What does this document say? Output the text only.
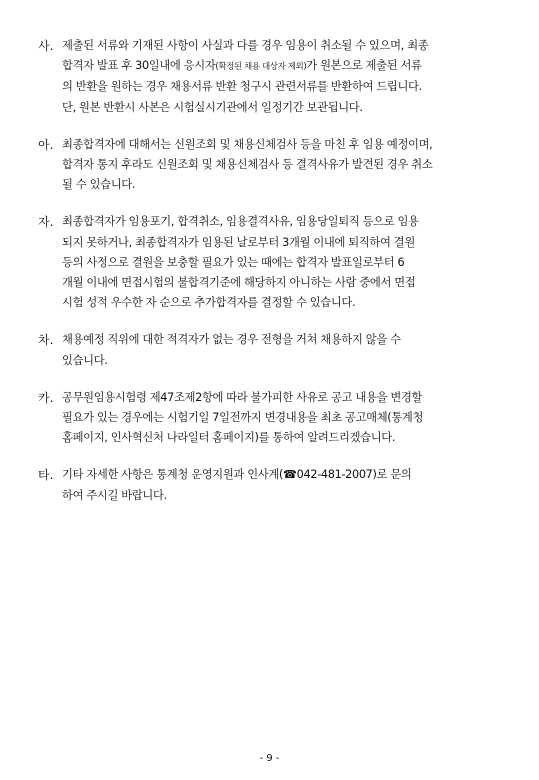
사. 제출된 서류와 기재된 사항이 사실과 다를 경우 임용이 취소될 수 있으며, 최종
합격자 발표 후 30일내에 응시자(확정된 채용 대상자 제외)가 원본으로 제출된 서류
의 반환을 원하는 경우 채용서류 반환 청구시 관련서류를 반환하여 드립니다.
단, 원본 반환시 사본은 시험실시기관에서 일정기간 보관됩니다.
아. 최종합격자에 대해서는 신원조회 및 채용신체검사 등을 마친 후 임용 예정이며,
합격자 통지 후라도 신원조회 및 채용신체검사 등 결격사유가 발견된 경우 취소
될 수 있습니다.
자. 최종합격자가 임용포기, 합격취소, 임용결격사유, 임용당일퇴직 등으로 임용
되지 못하거나, 최종합격자가 임용된 날로부터 3개월 이내에 퇴직하여 결원
등의 사정으로 결원을 보충할 필요가 있는 때에는 합격자 발표일로부터 6
개월 이내에 면접시험의 불합격기준에 해당하지 아니하는 사람 중에서 면접
시험 성적 우수한 자 순으로 추가합격자를 결정할 수 있습니다.
차. 채용예정 직위에 대한 적격자가 없는 경우 전형을 거쳐 채용하지 않을 수
있습니다.
카. 공무원임용시험령 제47조제2항에 따라 불가피한 사유로 공고 내용을 변경할
필요가 있는 경우에는 시험기일 7일전까지 변경내용을 최초 공고매체(통계청
홈페이지, 인사혁신처 나라일터 홈페이지)를 통하여 알려드리겠습니다.
타. 기타 자세한 사항은 통계청 운영지원과 인사계(☎042-481-2007)로 문의
하여 주시길 바랍니다.
- 9 -
